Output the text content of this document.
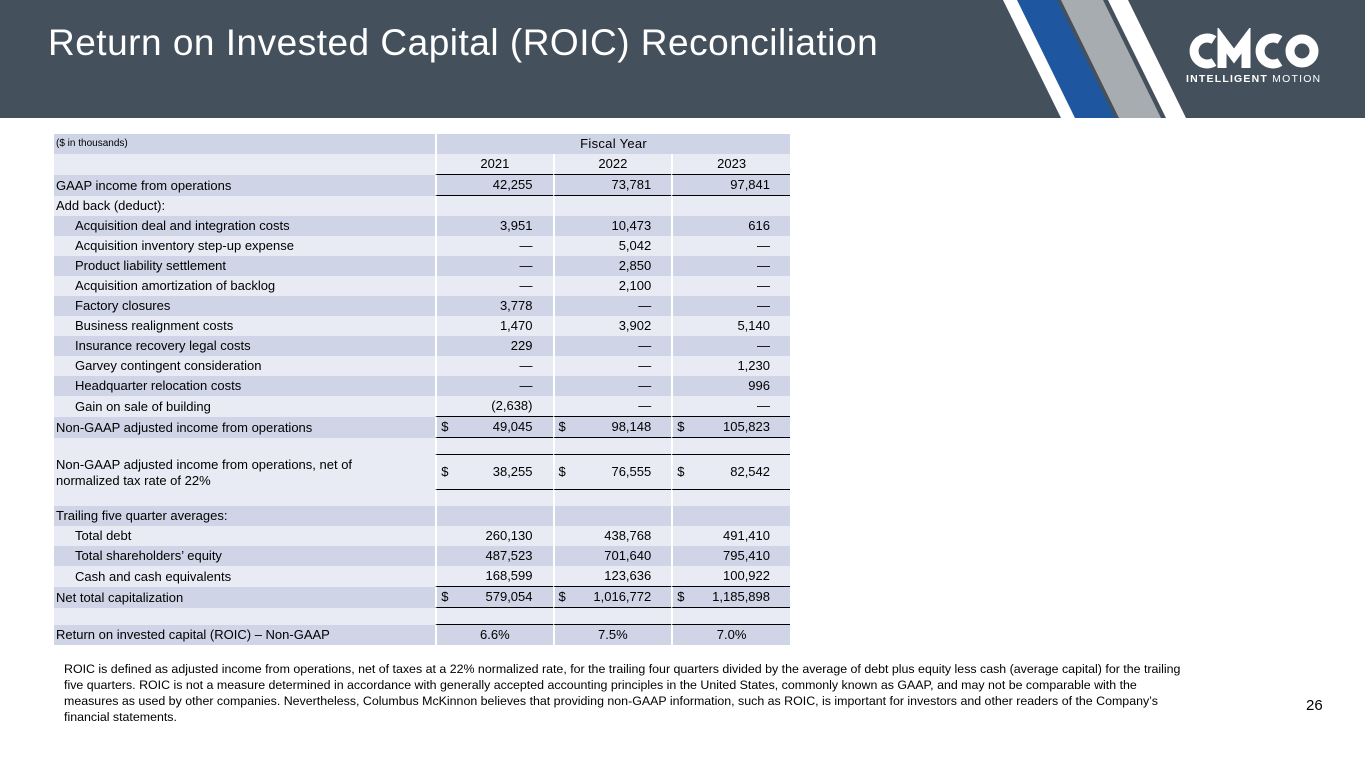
Return on Invested Capital (ROIC) Reconciliation
INTELLIGENT MOTION
($ in thousands)	Fiscal Year		
	2021	2022	2023
GAAP income from operations	42,255	73,781	97,841
Add back (deduct):			
Acquisition deal and integration costs	3,951	10,473	616
Acquisition inventory step-up expense	—	5,042	—
Product liability settlement	—	2,850	—
Acquisition amortization of backlog	—	2,100	—
Factory closures	3,778	—	—
Business realignment costs	1,470	3,902	5,140
Insurance recovery legal costs	229	—	—
Garvey contingent consideration	—	—	1,230
Headquarter relocation costs	—	—	996
Gain on sale of building	(2,638)	—	—
Non-GAAP adjusted income from operations	$ 49,045	$ 98,148	$ 105,823

Non-GAAP adjusted income from operations, net of
normalized tax rate of 22%	$ 38,255	$ 76,555	$ 82,542

Trailing five quarter averages:			
Total debt	260,130	438,768	491,410
Total shareholders’ equity	487,523	701,640	795,410
Cash and cash equivalents	168,599	123,636	100,922
Net total capitalization	$ 579,054	$ 1,016,772	$ 1,185,898

Return on invested capital (ROIC) – Non-GAAP	6.6%	7.5%	7.0%
ROIC is defined as adjusted income from operations, net of taxes at a 22% normalized rate, for the trailing four quarters divided by the average of debt plus equity less cash (average capital) for the trailing five quarters. ROIC is not a measure determined in accordance with generally accepted accounting principles in the United States, commonly known as GAAP, and may not be comparable with the measures as used by other companies. Nevertheless, Columbus McKinnon believes that providing non-GAAP information, such as ROIC, is important for investors and other readers of the Company’s financial statements.
26
